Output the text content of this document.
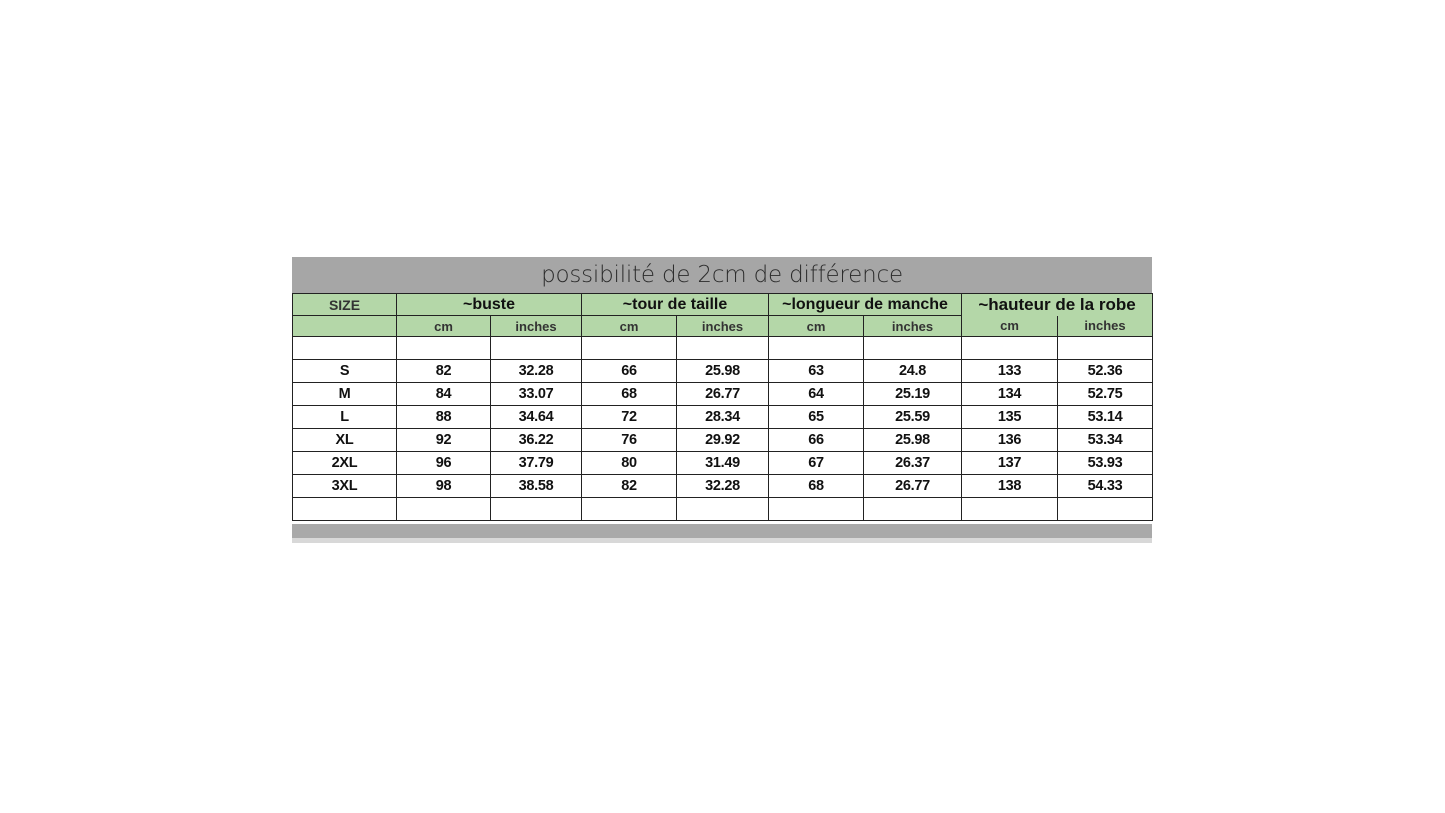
possibilité de 2cm de différence
SIZE	~buste		~tour de taille		~longueur de manche		~hauteur de la robe	
	cm	inches	cm	inches	cm	inches	cm	inches

S	82	32.28	66	25.98	63	24.8	133	52.36
M	84	33.07	68	26.77	64	25.19	134	52.75
L	88	34.64	72	28.34	65	25.59	135	53.14
XL	92	36.22	76	29.92	66	25.98	136	53.34
2XL	96	37.79	80	31.49	67	26.37	137	53.93
3XL	98	38.58	82	32.28	68	26.77	138	54.33
